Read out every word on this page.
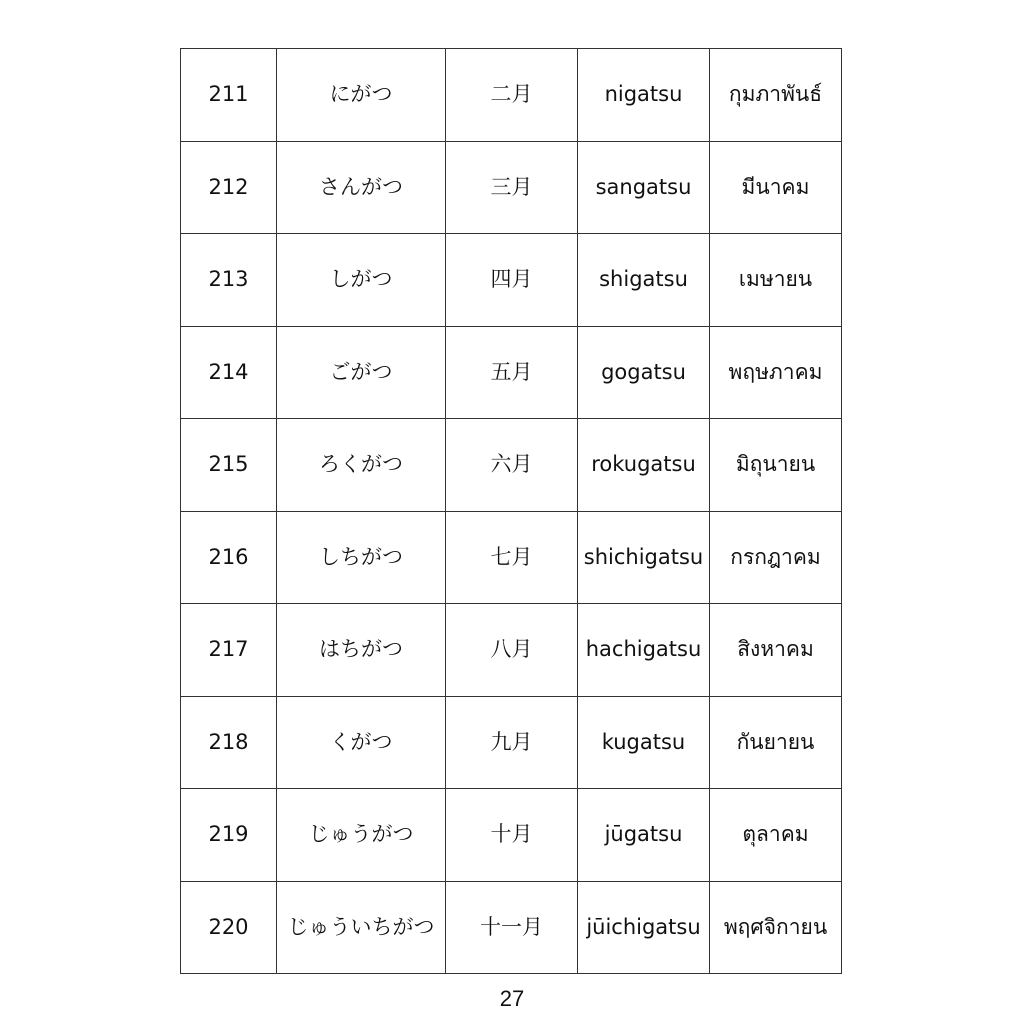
211	にがつ	二月	nigatsu	กุมภาพันธ์
212	さんがつ	三月	sangatsu	มีนาคม
213	しがつ	四月	shigatsu	เมษายน
214	ごがつ	五月	gogatsu	พฤษภาคม
215	ろくがつ	六月	rokugatsu	มิถุนายน
216	しちがつ	七月	shichigatsu	กรกฎาคม
217	はちがつ	八月	hachigatsu	สิงหาคม
218	くがつ	九月	kugatsu	กันยายน
219	じゅうがつ	十月	jūgatsu	ตุลาคม
220	じゅういちがつ	十一月	jūichigatsu	พฤศจิกายน
27
